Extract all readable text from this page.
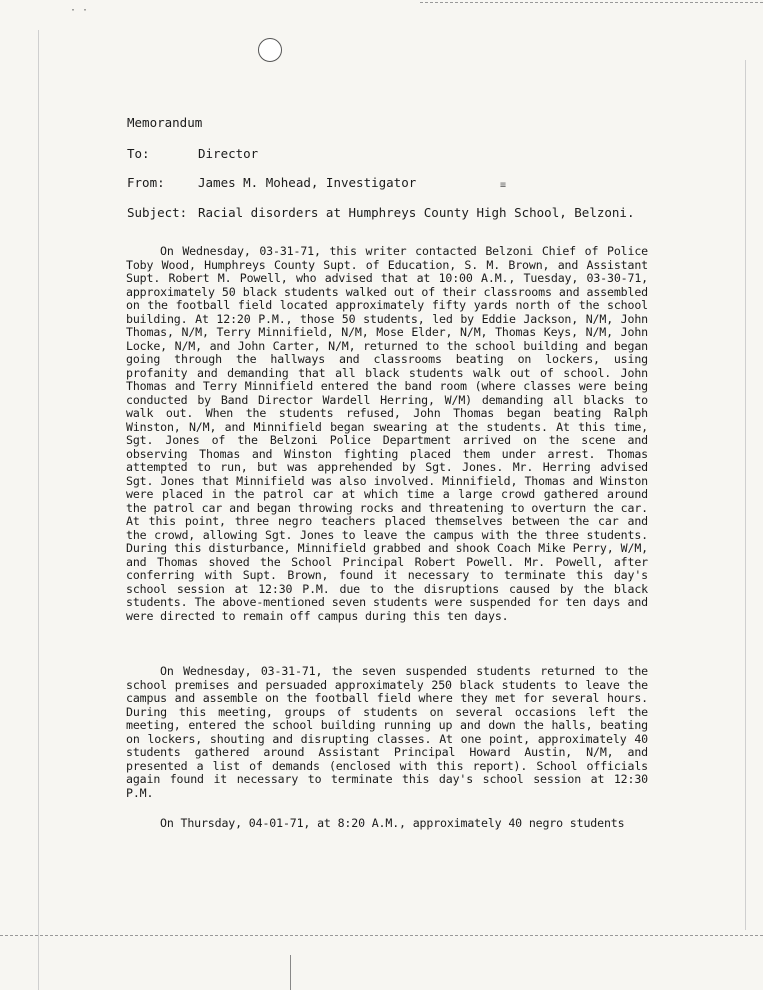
· ·
≡
Memorandum
To:	Director
From:	James M. Mohead, Investigator
Subject: Racial disorders at Humphreys County High School, Belzoni.
On Wednesday, 03-31-71, this writer contacted Belzoni Chief of Police Toby Wood, Humphreys County Supt. of Education, S. M. Brown, and Assistant Supt. Robert M. Powell, who advised that at 10:00 A.M., Tuesday, 03-30-71, approximately 50 black students walked out of their classrooms and assembled on the football field located approximately fifty yards north of the school building. At 12:20 P.M., those 50 students, led by Eddie Jackson, N/M, John Thomas, N/M, Terry Minnifield, N/M, Mose Elder, N/M, Thomas Keys, N/M, John Locke, N/M, and John Carter, N/M, returned to the school building and began going through the hallways and classrooms beating on lockers, using profanity and demanding that all black students walk out of school. John Thomas and Terry Minnifield entered the band room (where classes were being conducted by Band Director Wardell Herring, W/M) demanding all blacks to walk out. When the students refused, John Thomas began beating Ralph Winston, N/M, and Minnifield began swearing at the students. At this time, Sgt. Jones of the Belzoni Police Department arrived on the scene and observing Thomas and Winston fighting placed them under arrest. Thomas attempted to run, but was apprehended by Sgt. Jones. Mr. Herring advised Sgt. Jones that Minnifield was also involved. Minnifield, Thomas and Winston were placed in the patrol car at which time a large crowd gathered around the patrol car and began throwing rocks and threatening to overturn the car. At this point, three negro teachers placed themselves between the car and the crowd, allowing Sgt. Jones to leave the campus with the three students. During this disturbance, Minnifield grabbed and shook Coach Mike Perry, W/M, and Thomas shoved the School Principal Robert Powell. Mr. Powell, after conferring with Supt. Brown, found it necessary to terminate this day's school session at 12:30 P.M. due to the disruptions caused by the black students. The above-mentioned seven students were suspended for ten days and were directed to remain off campus during this ten days.
On Wednesday, 03-31-71, the seven suspended students returned to the school premises and persuaded approximately 250 black students to leave the campus and assemble on the football field where they met for several hours. During this meeting, groups of students on several occasions left the meeting, entered the school building running up and down the halls, beating on lockers, shouting and disrupting classes. At one point, approximately 40 students gathered around Assistant Principal Howard Austin, N/M, and presented a list of demands (enclosed with this report). School officials again found it necessary to terminate this day's school session at 12:30 P.M.
On Thursday, 04-01-71, at 8:20 A.M., approximately 40 negro students
